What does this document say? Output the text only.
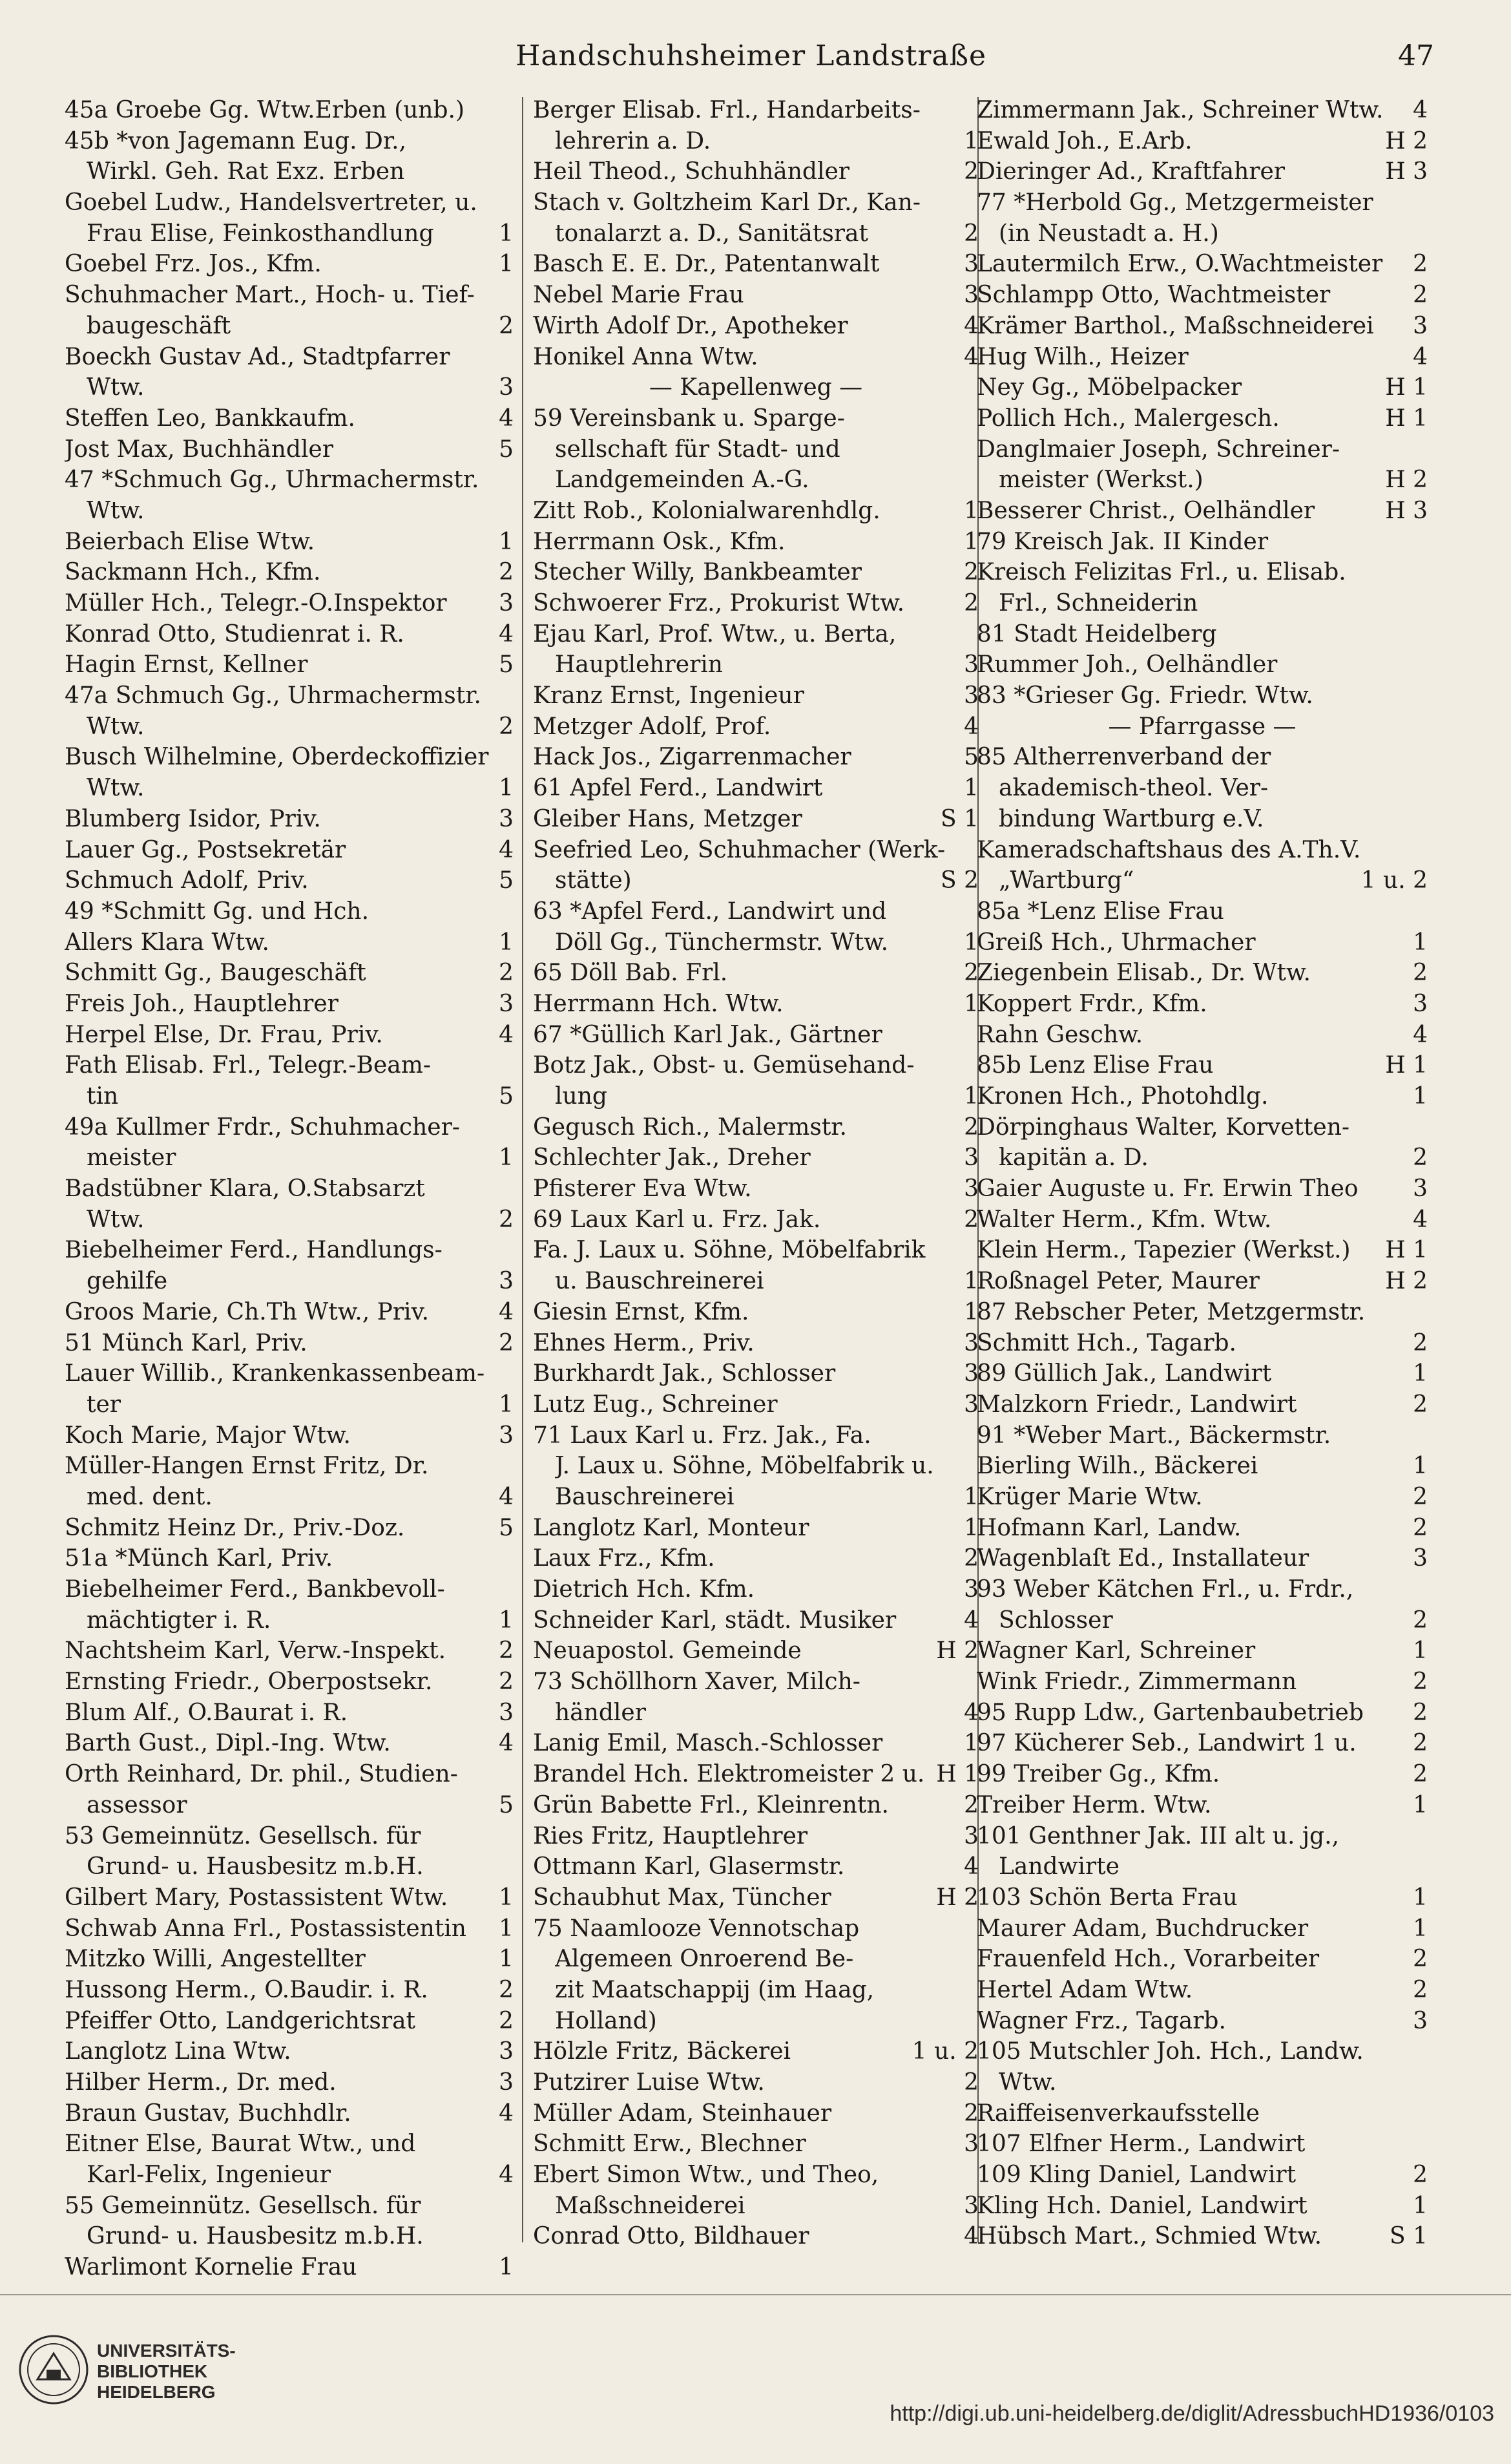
Handschuhsheimer Landstraße	47
45a Groebe Gg. Wtw.Erben (unb.)
45b *von Jagemann Eug. Dr.,
Wirkl. Geh. Rat Exz. Erben
Goebel Ludw., Handelsvertreter, u.
Frau Elise, Feinkosthandlung	1
Goebel Frz. Jos., Kfm.	1
Schuhmacher Mart., Hoch- u. Tief-
baugeschäft	2
Boeckh Gustav Ad., Stadtpfarrer
Wtw.	3
Steffen Leo, Bankkaufm.	4
Jost Max, Buchhändler	5
47 *Schmuch Gg., Uhrmachermstr.
Wtw.
Beierbach Elise Wtw.	1
Sackmann Hch., Kfm.	2
Müller Hch., Telegr.-O.Inspektor	3
Konrad Otto, Studienrat i. R.	4
Hagin Ernst, Kellner	5
47a Schmuch Gg., Uhrmachermstr.
Wtw.	2
Busch Wilhelmine, Oberdeckoffizier
Wtw.	1
Blumberg Isidor, Priv.	3
Lauer Gg., Postsekretär	4
Schmuch Adolf, Priv.	5
49 *Schmitt Gg. und Hch.
Allers Klara Wtw.	1
Schmitt Gg., Baugeschäft	2
Freis Joh., Hauptlehrer	3
Herpel Else, Dr. Frau, Priv.	4
Fath Elisab. Frl., Telegr.-Beam-
tin	5
49a Kullmer Frdr., Schuhmacher-
meister	1
Badstübner Klara, O.Stabsarzt
Wtw.	2
Biebelheimer Ferd., Handlungs-
gehilfe	3
Groos Marie, Ch.Th Wtw., Priv.	4
51 Münch Karl, Priv.	2
Lauer Willib., Krankenkassenbeam-
ter	1
Koch Marie, Major Wtw.	3
Müller-Hangen Ernst Fritz, Dr.
med. dent.	4
Schmitz Heinz Dr., Priv.-Doz.	5
51a *Münch Karl, Priv.
Biebelheimer Ferd., Bankbevoll-
mächtigter i. R.	1
Nachtsheim Karl, Verw.-Inspekt.	2
Ernsting Friedr., Oberpostsekr.	2
Blum Alf., O.Baurat i. R.	3
Barth Gust., Dipl.-Ing. Wtw.	4
Orth Reinhard, Dr. phil., Studien-
assessor	5
53 Gemeinnütz. Gesellsch. für
Grund- u. Hausbesitz m.b.H.
Gilbert Mary, Postassistent Wtw.	1
Schwab Anna Frl., Postassistentin	1
Mitzko Willi, Angestellter	1
Hussong Herm., O.Baudir. i. R.	2
Pfeiffer Otto, Landgerichtsrat	2
Langlotz Lina Wtw.	3
Hilber Herm., Dr. med.	3
Braun Gustav, Buchhdlr.	4
Eitner Else, Baurat Wtw., und
Karl-Felix, Ingenieur	4
55 Gemeinnütz. Gesellsch. für
Grund- u. Hausbesitz m.b.H.
Warlimont Kornelie Frau	1
Berger Elisab. Frl., Handarbeits-
lehrerin a. D.	1
Heil Theod., Schuhhändler	2
Stach v. Goltzheim Karl Dr., Kan-
tonalarzt a. D., Sanitätsrat	2
Basch E. E. Dr., Patentanwalt	3
Nebel Marie Frau	3
Wirth Adolf Dr., Apotheker	4
Honikel Anna Wtw.	4
— Kapellenweg —
59 Vereinsbank u. Sparge-
sellschaft für Stadt- und
Landgemeinden A.-G.
Zitt Rob., Kolonialwarenhdlg.	1
Herrmann Osk., Kfm.	1
Stecher Willy, Bankbeamter	2
Schwoerer Frz., Prokurist Wtw.	2
Ejau Karl, Prof. Wtw., u. Berta,
Hauptlehrerin	3
Kranz Ernst, Ingenieur	3
Metzger Adolf, Prof.	4
Hack Jos., Zigarrenmacher	5
61 Apfel Ferd., Landwirt	1
Gleiber Hans, Metzger	S 1
Seefried Leo, Schuhmacher (Werk-
stätte)	S 2
63 *Apfel Ferd., Landwirt und
Döll Gg., Tünchermstr. Wtw.	1
65 Döll Bab. Frl.	2
Herrmann Hch. Wtw.	1
67 *Güllich Karl Jak., Gärtner
Botz Jak., Obst- u. Gemüsehand-
lung	1
Gegusch Rich., Malermstr.	2
Schlechter Jak., Dreher	3
Pfisterer Eva Wtw.	3
69 Laux Karl u. Frz. Jak.	2
Fa. J. Laux u. Söhne, Möbelfabrik
u. Bauschreinerei	1
Giesin Ernst, Kfm.	1
Ehnes Herm., Priv.	3
Burkhardt Jak., Schlosser	3
Lutz Eug., Schreiner	3
71 Laux Karl u. Frz. Jak., Fa.
J. Laux u. Söhne, Möbelfabrik u.
Bauschreinerei	1
Langlotz Karl, Monteur	1
Laux Frz., Kfm.	2
Dietrich Hch. Kfm.	3
Schneider Karl, städt. Musiker	4
Neuapostol. Gemeinde	H 2
73 Schöllhorn Xaver, Milch-
händler	4
Lanig Emil, Masch.-Schlosser	1
Brandel Hch. Elektromeister 2 u. H 1
Grün Babette Frl., Kleinrentn.	2
Ries Fritz, Hauptlehrer	3
Ottmann Karl, Glasermstr.	4
Schaubhut Max, Tüncher	H 2
75 Naamlooze Vennotschap
Algemeen Onroerend Be-
zit Maatschappij (im Haag,
Holland)
Hölzle Fritz, Bäckerei	1 u. 2
Putzirer Luise Wtw.	2
Müller Adam, Steinhauer	2
Schmitt Erw., Blechner	3
Ebert Simon Wtw., und Theo,
Maßschneiderei	3
Conrad Otto, Bildhauer	4
Zimmermann Jak., Schreiner Wtw.	4
Ewald Joh., E.Arb.	H 2
Dieringer Ad., Kraftfahrer	H 3
77 *Herbold Gg., Metzgermeister
(in Neustadt a. H.)
Lautermilch Erw., O.Wachtmeister	2
Schlampp Otto, Wachtmeister	2
Krämer Barthol., Maßschneiderei	3
Hug Wilh., Heizer	4
Ney Gg., Möbelpacker	H 1
Pollich Hch., Malergesch.	H 1
Danglmaier Joseph, Schreiner-
meister (Werkst.)	H 2
Besserer Christ., Oelhändler	H 3
79 Kreisch Jak. II Kinder
Kreisch Felizitas Frl., u. Elisab.
Frl., Schneiderin
81 Stadt Heidelberg
Rummer Joh., Oelhändler
83 *Grieser Gg. Friedr. Wtw.
— Pfarrgasse —
85 Altherrenverband der
akademisch-theol. Ver-
bindung Wartburg e.V.
Kameradschaftshaus des A.Th.V.
„Wartburg“	1 u. 2
85a *Lenz Elise Frau
Greiß Hch., Uhrmacher	1
Ziegenbein Elisab., Dr. Wtw.	2
Koppert Frdr., Kfm.	3
Rahn Geschw.	4
85b Lenz Elise Frau	H 1
Kronen Hch., Photohdlg.	1
Dörpinghaus Walter, Korvetten-
kapitän a. D.	2
Gaier Auguste u. Fr. Erwin Theo	3
Walter Herm., Kfm. Wtw.	4
Klein Herm., Tapezier (Werkst.)	H 1
Roßnagel Peter, Maurer	H 2
87 Rebscher Peter, Metzgermstr.
Schmitt Hch., Tagarb.	2
89 Güllich Jak., Landwirt	1
Malzkorn Friedr., Landwirt	2
91 *Weber Mart., Bäckermstr.
Bierling Wilh., Bäckerei	1
Krüger Marie Wtw.	2
Hofmann Karl, Landw.	2
Wagenblaſt Ed., Installateur	3
93 Weber Kätchen Frl., u. Frdr.,
Schlosser	2
Wagner Karl, Schreiner	1
Wink Friedr., Zimmermann	2
95 Rupp Ldw., Gartenbaubetrieb	2
97 Kücherer Seb., Landwirt 1 u.	2
99 Treiber Gg., Kfm.	2
Treiber Herm. Wtw.	1
101 Genthner Jak. III alt u. jg.,
Landwirte
103 Schön Berta Frau	1
Maurer Adam, Buchdrucker	1
Frauenfeld Hch., Vorarbeiter	2
Hertel Adam Wtw.	2
Wagner Frz., Tagarb.	3
105 Mutschler Joh. Hch., Landw.
Wtw.
Raiffeisenverkaufsstelle
107 Elfner Herm., Landwirt
109 Kling Daniel, Landwirt	2
Kling Hch. Daniel, Landwirt	1
Hübsch Mart., Schmied Wtw.	S 1
UNIVERSITÄTS-
BIBLIOTHEK
HEIDELBERG
http://digi.ub.uni-heidelberg.de/diglit/AdressbuchHD1936/0103
